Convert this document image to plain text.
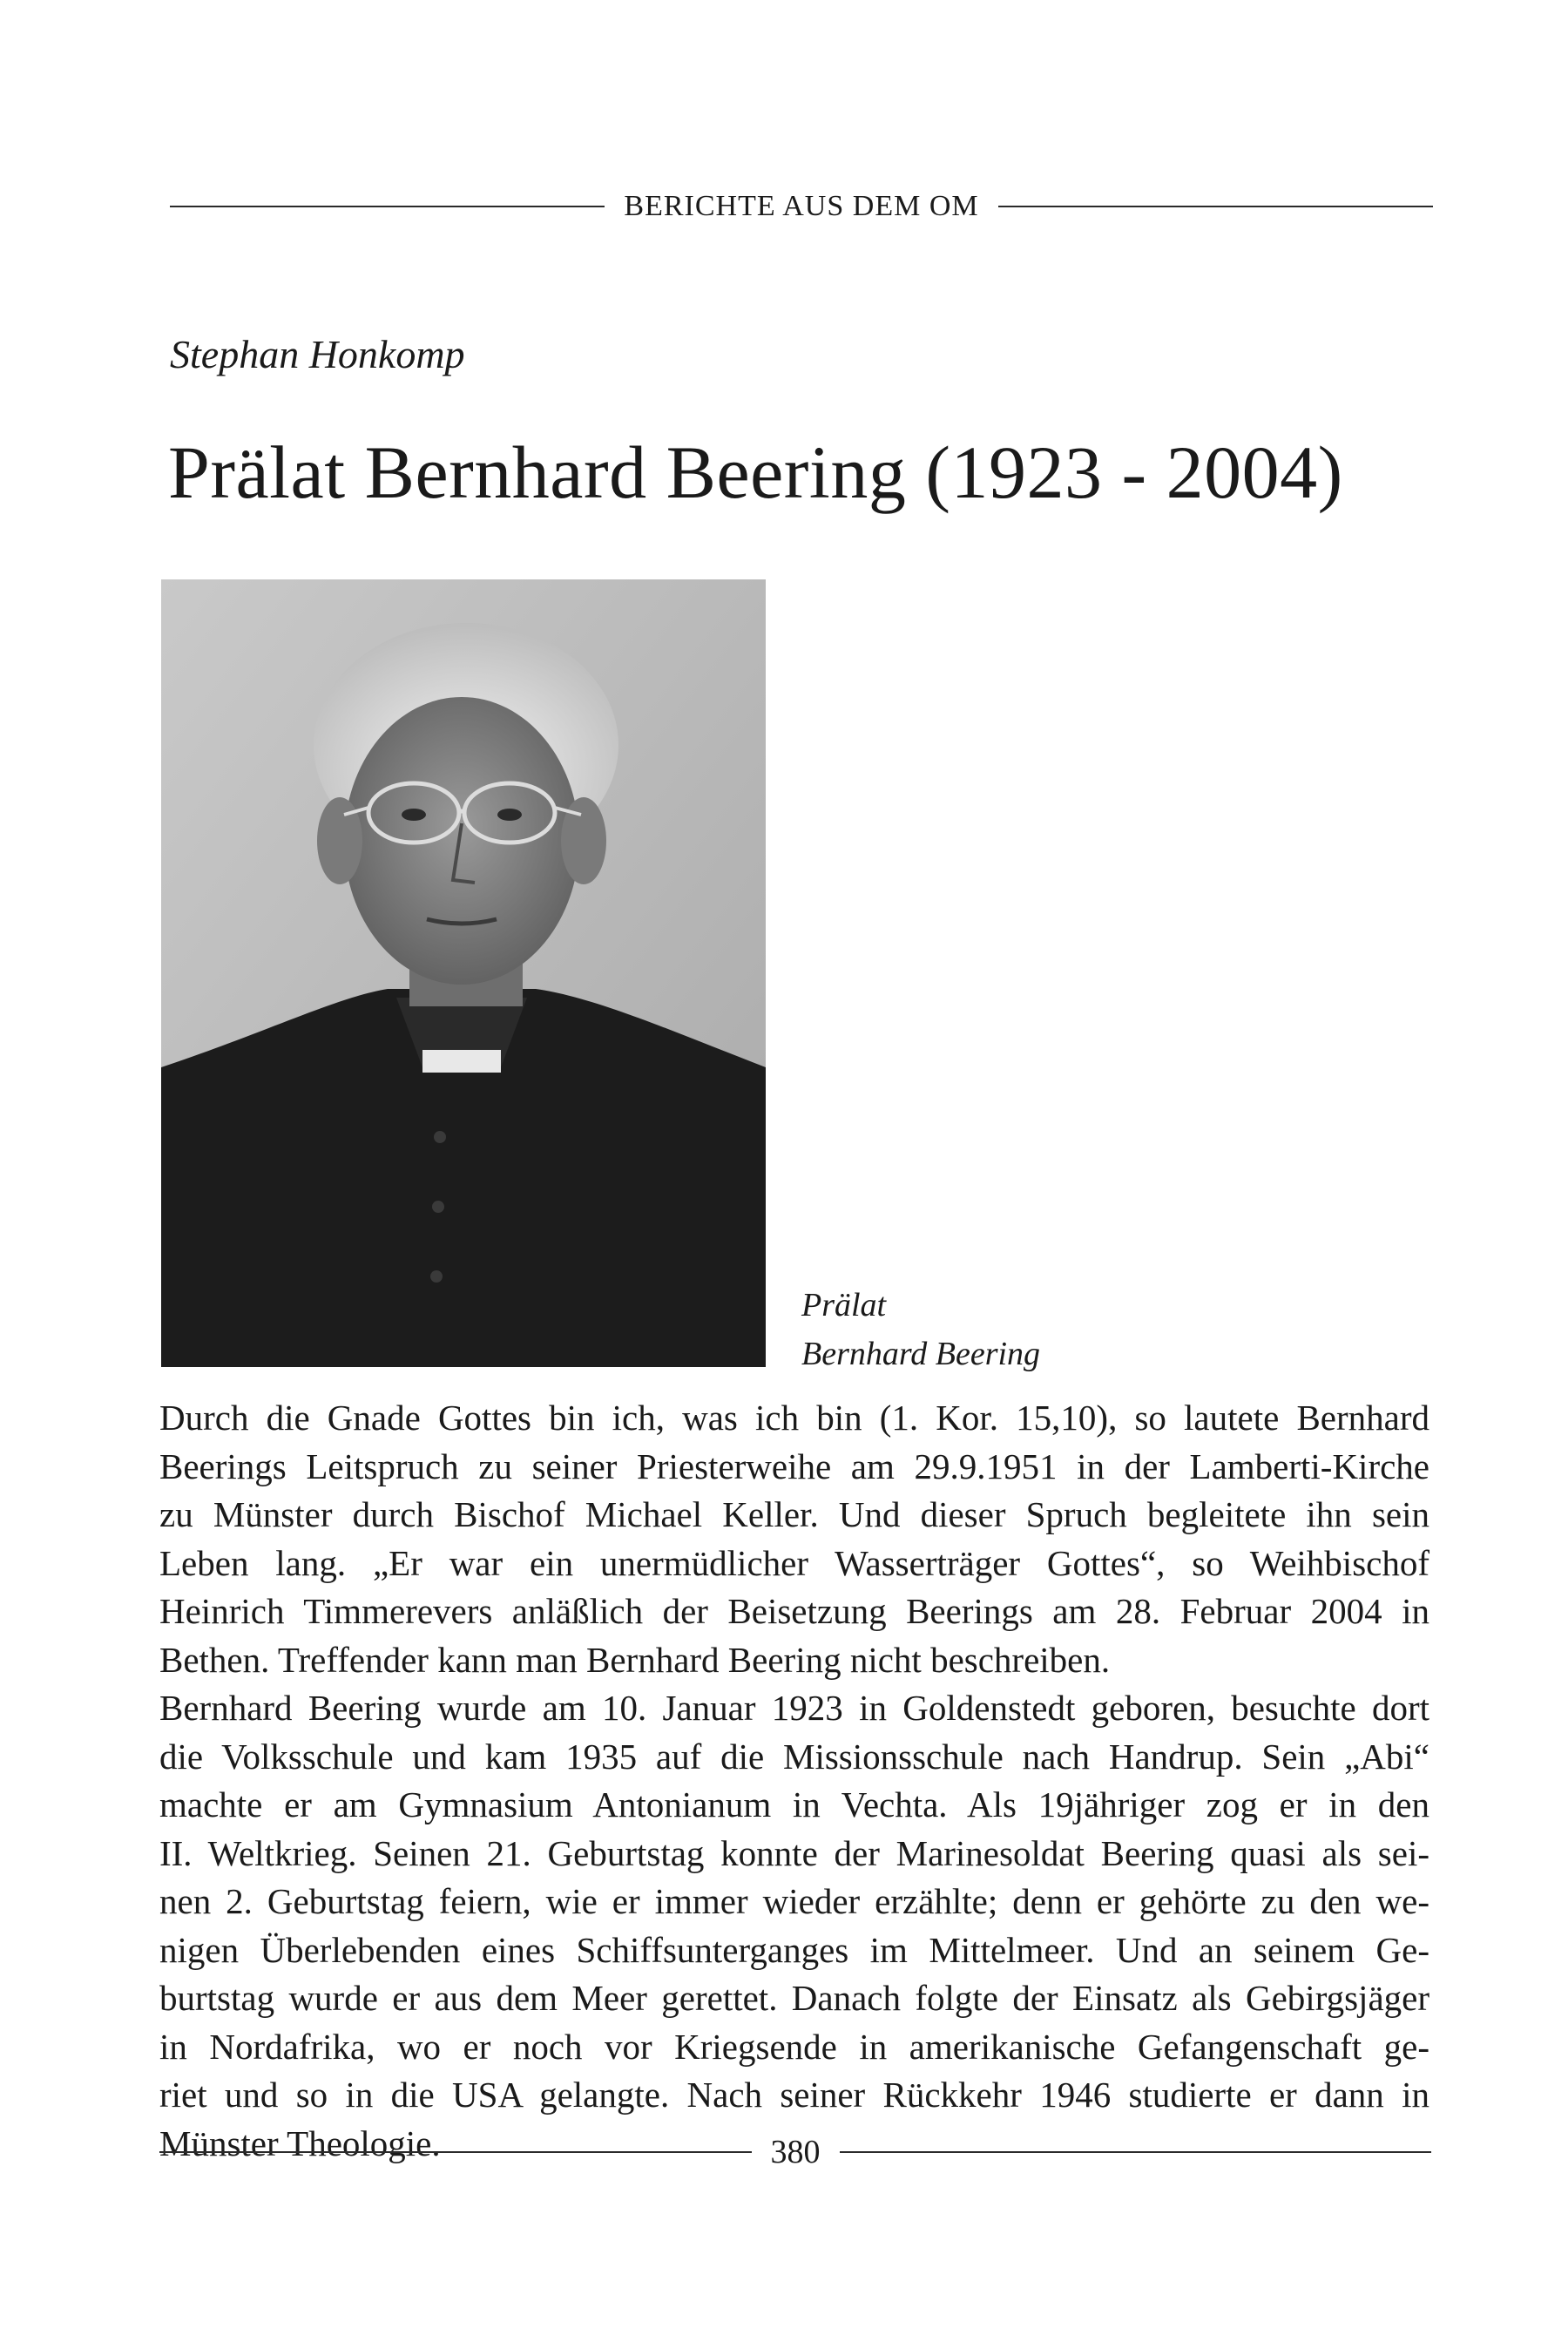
BERICHTE AUS DEM OM
Stephan Honkomp
Prälat Bernhard Beering (1923 - 2004)
Prälat
Bernhard Beering
Durch die Gnade Gottes bin ich, was ich bin (1. Kor. 15,10), so lautete Bernhard
Beerings Leitspruch zu seiner Priesterweihe am 29.9.1951 in der Lamberti-Kirche
zu Münster durch Bischof Michael Keller. Und dieser Spruch begleitete ihn sein
Leben lang. „Er war ein unermüdlicher Wasserträger Gottes“, so Weihbischof
Heinrich Timmerevers anläßlich der Beisetzung Beerings am 28. Februar 2004 in
Bethen. Treffender kann man Bernhard Beering nicht beschreiben.
Bernhard Beering wurde am 10. Januar 1923 in Goldenstedt geboren, besuchte dort
die Volksschule und kam 1935 auf die Missionsschule nach Handrup. Sein „Abi“
machte er am Gymnasium Antonianum in Vechta. Als 19jähriger zog er in den
II. Weltkrieg. Seinen 21. Geburtstag konnte der Marinesoldat Beering quasi als sei-
nen 2. Geburtstag feiern, wie er immer wieder erzählte; denn er gehörte zu den we-
nigen Überlebenden eines Schiffsunterganges im Mittelmeer. Und an seinem Ge-
burtstag wurde er aus dem Meer gerettet. Danach folgte der Einsatz als Gebirgsjäger
in Nordafrika, wo er noch vor Kriegsende in amerikanische Gefangenschaft ge-
riet und so in die USA gelangte. Nach seiner Rückkehr 1946 studierte er dann in
Münster Theologie.	380
